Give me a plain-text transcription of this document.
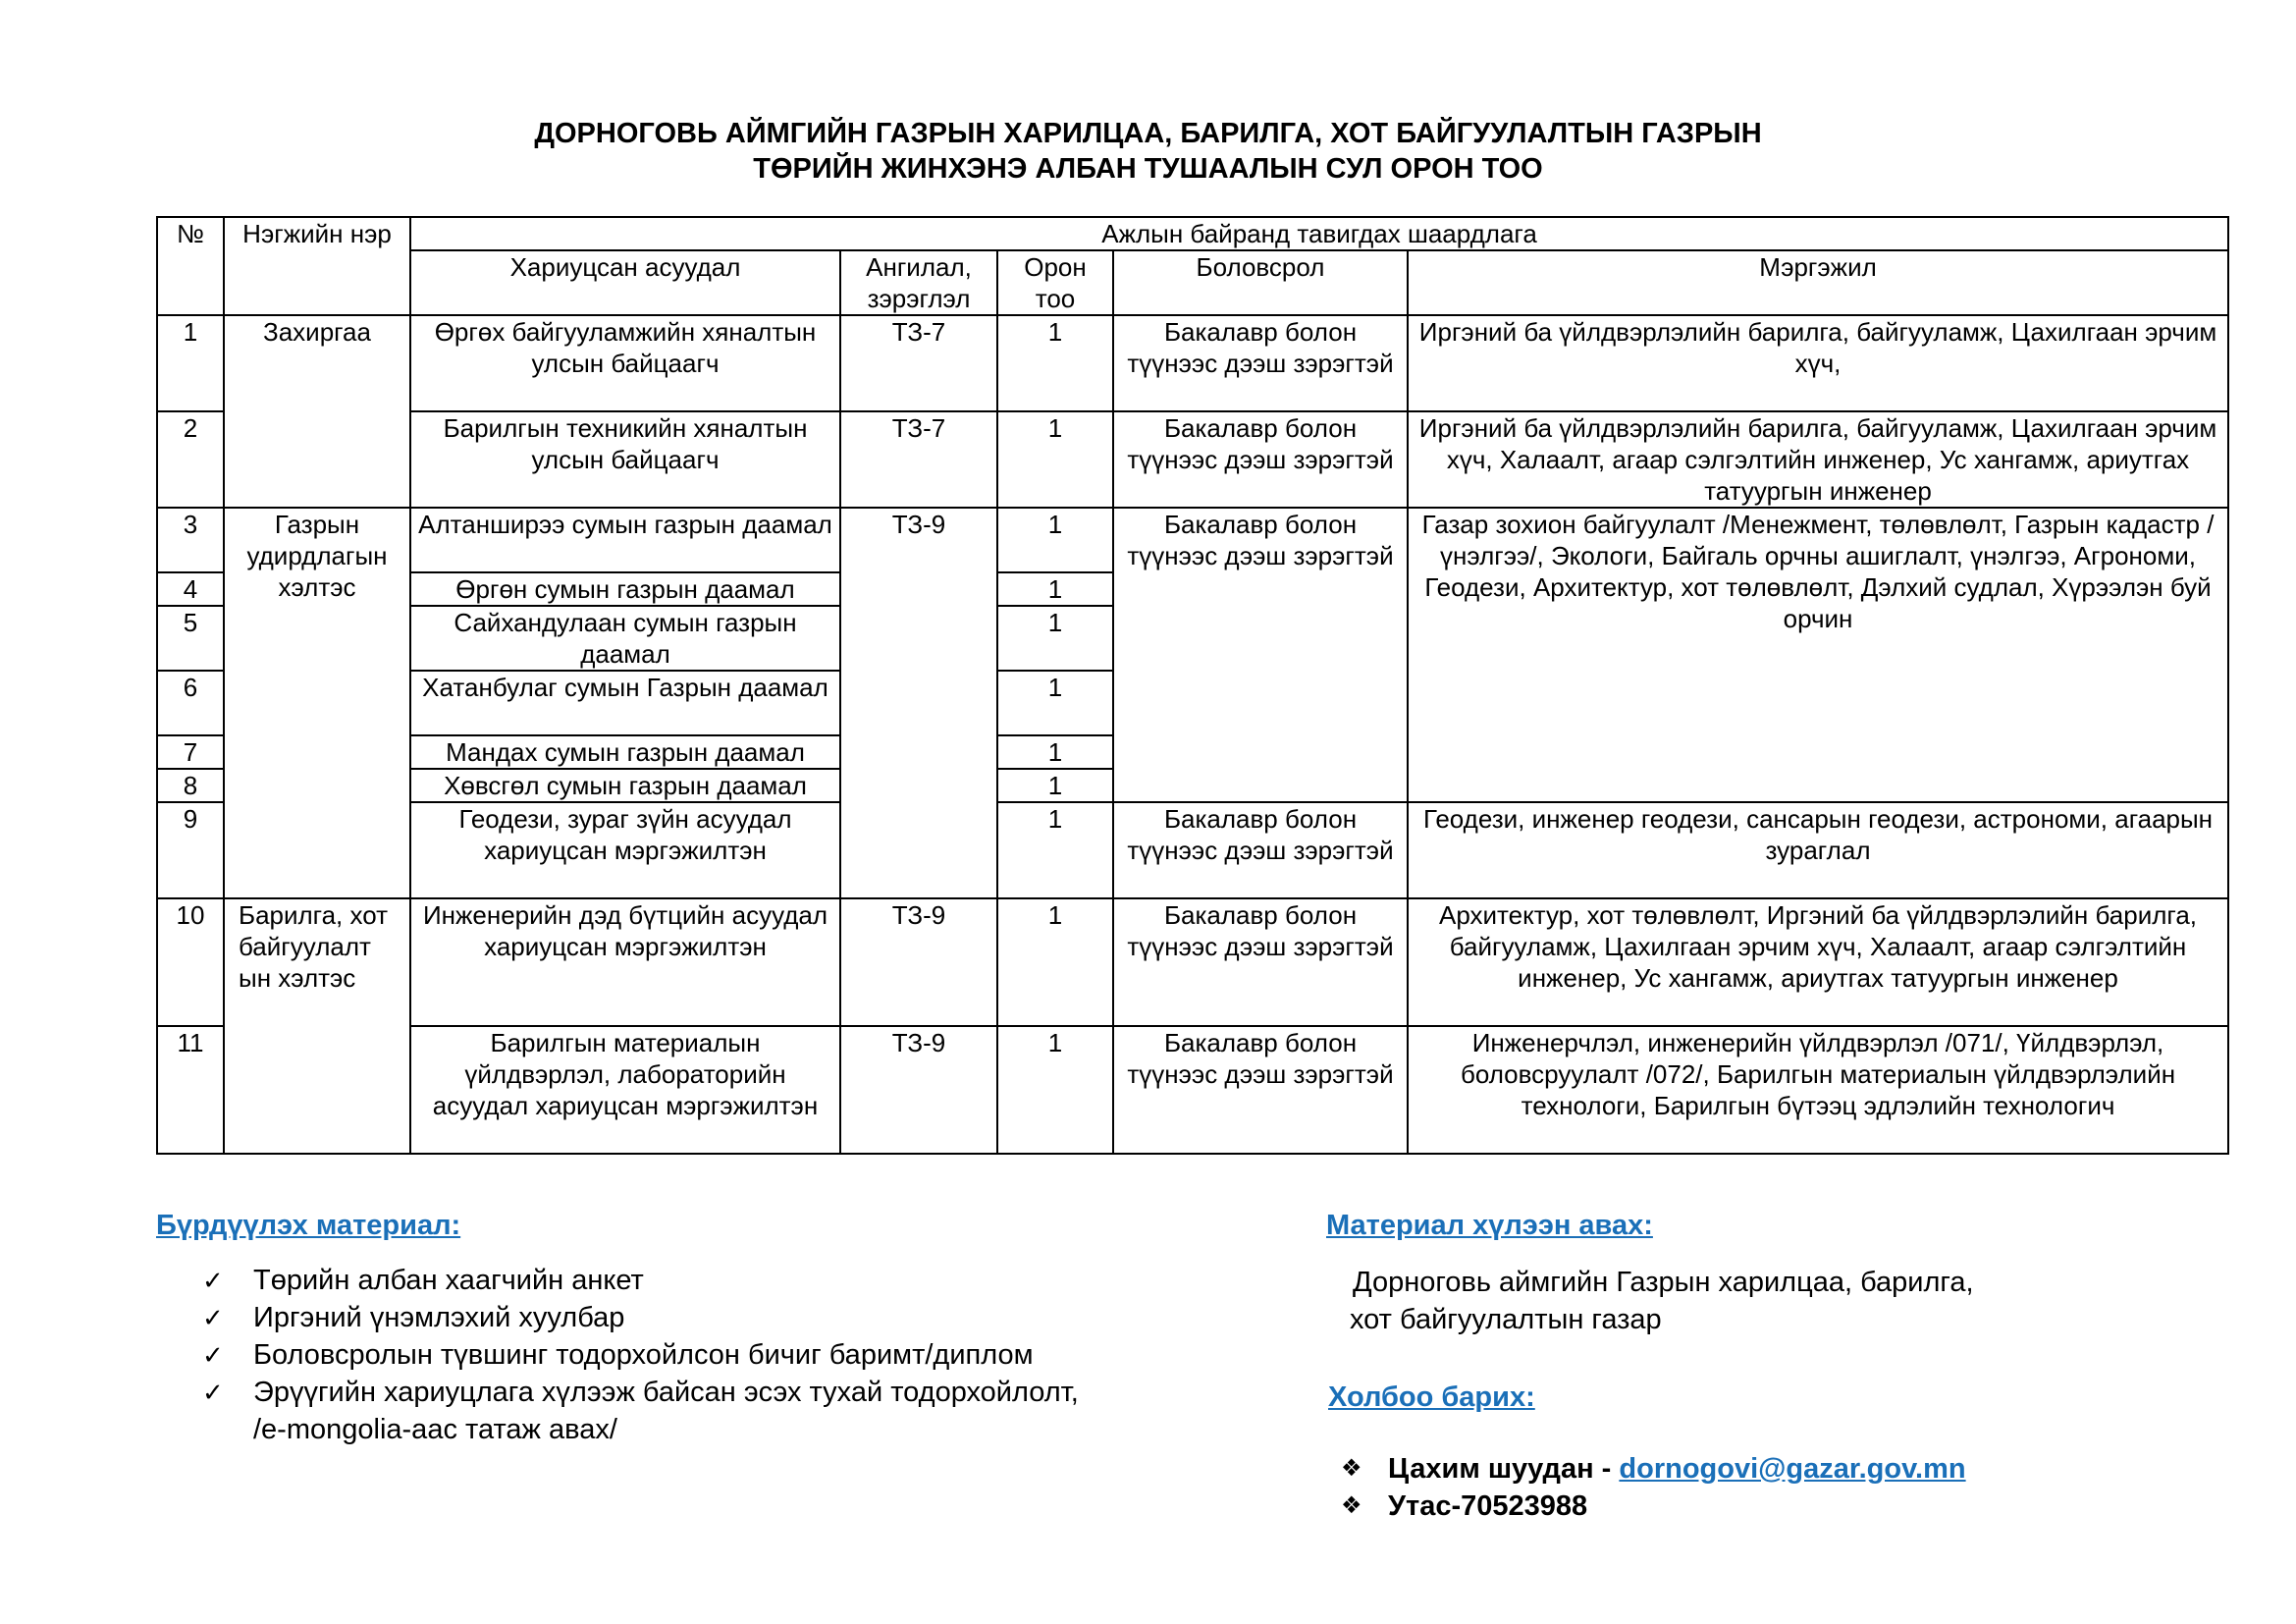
ДОРНОГОВЬ АЙМГИЙН ГАЗРЫН ХАРИЛЦАА, БАРИЛГА, ХОТ БАЙГУУЛАЛТЫН ГАЗРЫН
ТӨРИЙН ЖИНХЭНЭ АЛБАН ТУШААЛЫН СУЛ ОРОН ТОО
№	Нэгжийн нэр	Ажлын байранд тавигдах шаардлага				
		Хариуцсан асуудал	Ангилал, зэрэглэл	Орон тоо	Боловсрол	Мэргэжил
1	Захиргаа	Өргөх байгууламжийн хяналтын улсын байцаагч	ТЗ-7	1	Бакалавр болон түүнээс дээш зэрэгтэй	Иргэний ба үйлдвэрлэлийн барилга, байгууламж, Цахилгаан эрчим хүч,
2		Барилгын техникийн хяналтын улсын байцаагч	ТЗ-7	1	Бакалавр болон түүнээс дээш зэрэгтэй	Иргэний ба үйлдвэрлэлийн барилга, байгууламж, Цахилгаан эрчим хүч, Халаалт, агаар сэлгэлтийн инженер, Ус хангамж, ариутгах татуургын инженер
3	Газрын удирдлагын хэлтэс	Алтанширээ сумын газрын даамал	ТЗ-9	1	Бакалавр болон түүнээс дээш зэрэгтэй	Газар зохион байгуулалт /Менежмент, төлөвлөлт, Газрын кадастр /үнэлгээ/, Экологи, Байгаль орчны ашиглалт, үнэлгээ, Агрономи, Геодези, Архитектур, хот төлөвлөлт, Дэлхий судлал, Хүрээлэн буй орчин
4		Өргөн сумын газрын даамал		1		
5		Сайхандулаан сумын газрын даамал		1		
6		Хатанбулаг сумын Газрын даамал		1		
7		Мандах сумын газрын даамал		1		
8		Хөвсгөл сумын газрын даамал		1		
9		Геодези, зураг зүйн асуудал хариуцсан мэргэжилтэн		1	Бакалавр болон түүнээс дээш зэрэгтэй	Геодези, инженер геодези, сансарын геодези, астрономи, агаарын зураглал
10	Барилга, хот байгуулалт ын хэлтэс	Инженерийн дэд бүтцийн асуудал хариуцсан мэргэжилтэн	ТЗ-9	1	Бакалавр болон түүнээс дээш зэрэгтэй	Архитектур, хот төлөвлөлт, Иргэний ба үйлдвэрлэлийн барилга, байгууламж, Цахилгаан эрчим хүч, Халаалт, агаар сэлгэлтийн инженер, Ус хангамж, ариутгах татуургын инженер
11		Барилгын материалын үйлдвэрлэл, лабораторийн асуудал хариуцсан мэргэжилтэн	ТЗ-9	1	Бакалавр болон түүнээс дээш зэрэгтэй	Инженерчлэл, инженерийн үйлдвэрлэл /071/, Үйлдвэрлэл, боловсруулалт /072/, Барилгын материалын үйлдвэрлэлийн технологи, Барилгын бүтээц эдлэлийн технологич
Бүрдүүлэх материал:
✓ Төрийн албан хаагчийн анкет
✓ Иргэний үнэмлэхий хуулбар
✓ Боловсролын түвшинг тодорхойлсон бичиг баримт/диплом
✓ Эрүүгийн хариуцлага хүлээж байсан эсэх тухай тодорхойлолт,
/e-mongolia-аас татаж авах/
Материал хүлээн авах:
Дорноговь аймгийн Газрын харилцаа, барилга,
хот байгуулалтын газар
Холбоо барих:
❖ Цахим шуудан - dornogovi@gazar.gov.mn
❖ Утас-70523988
